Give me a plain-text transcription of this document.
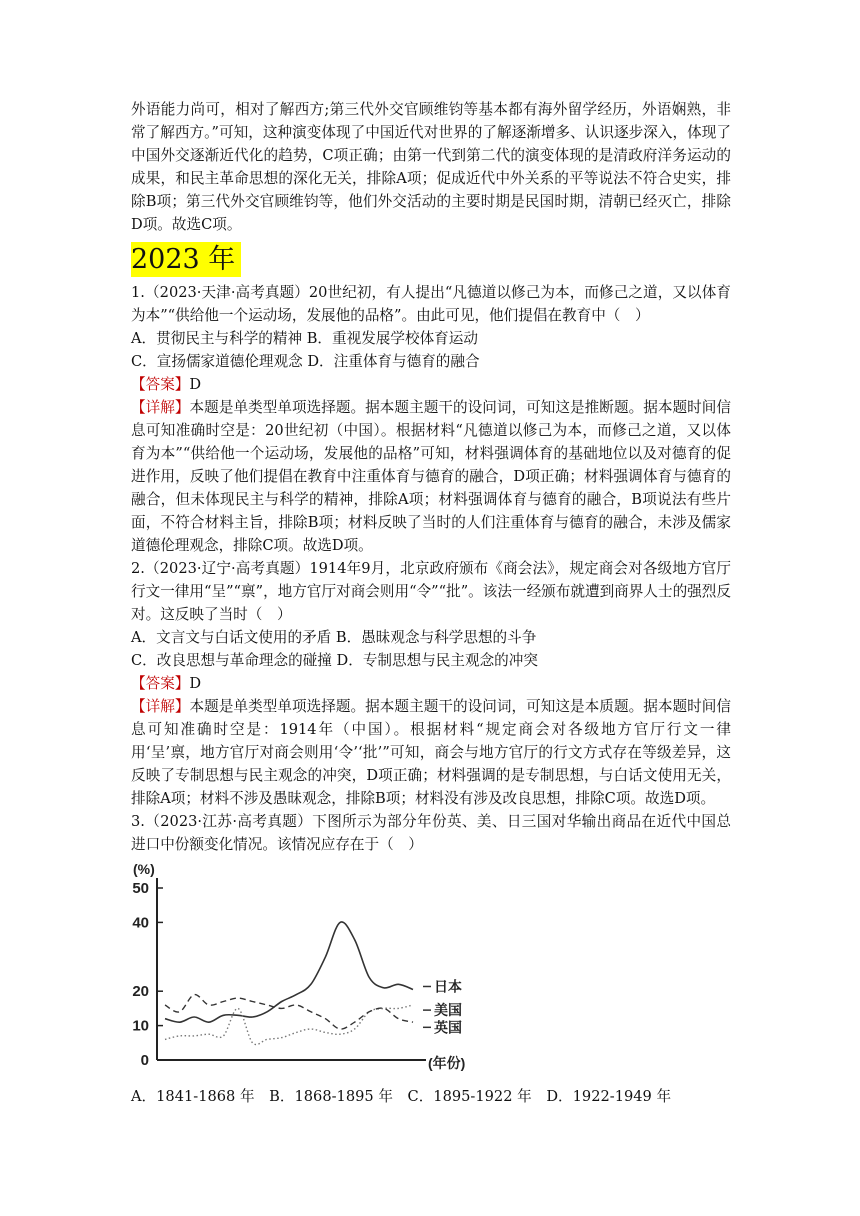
外语能力尚可，相对了解西方;第三代外交官顾维钧等基本都有海外留学经历，外语娴熟，非常了解西方。”可知，这种演变体现了中国近代对世界的了解逐渐增多、认识逐步深入，体现了中国外交逐渐近代化的趋势，C项正确；由第一代到第二代的演变体现的是清政府洋务运动的成果，和民主革命思想的深化无关，排除A项；促成近代中外关系的平等说法不符合史实，排除B项；第三代外交官顾维钧等，他们外交活动的主要时期是民国时期，清朝已经灭亡，排除D项。故选C项。

2023 年

1.（2023·天津·高考真题）20世纪初，有人提出“凡德道以修己为本，而修己之道，又以体育为本”“供给他一个运动场，发展他的品格”。由此可见，他们提倡在教育中（　）

A．贯彻民主与科学的精神 B．重视发展学校体育运动

C．宣扬儒家道德伦理观念 D．注重体育与德育的融合

【答案】D

【详解】本题是单类型单项选择题。据本题主题干的设问词，可知这是推断题。据本题时间信息可知准确时空是：20世纪初（中国）。根据材料“凡德道以修己为本，而修己之道，又以体育为本”“供给他一个运动场，发展他的品格”可知，材料强调体育的基础地位以及对德育的促进作用，反映了他们提倡在教育中注重体育与德育的融合，D项正确；材料强调体育与德育的融合，但未体现民主与科学的精神，排除A项；材料强调体育与德育的融合，B项说法有些片面，不符合材料主旨，排除B项；材料反映了当时的人们注重体育与德育的融合，未涉及儒家道德伦理观念，排除C项。故选D项。

2.（2023·辽宁·高考真题）1914年9月，北京政府颁布《商会法》，规定商会对各级地方官厅行文一律用“呈”“禀”，地方官厅对商会则用“令”“批”。该法一经颁布就遭到商界人士的强烈反对。这反映了当时（　）

A．文言文与白话文使用的矛盾 B．愚昧观念与科学思想的斗争

C．改良思想与革命理念的碰撞 D．专制思想与民主观念的冲突

【答案】D

【详解】本题是单类型单项选择题。据本题主题干的设问词，可知这是本质题。据本题时间信息可知准确时空是：1914年（中国）。根据材料“规定商会对各级地方官厅行文一律用‘呈’禀，地方官厅对商会则用‘令’‘批’”可知，商会与地方官厅的行文方式存在等级差异，这反映了专制思想与民主观念的冲突，D项正确；材料强调的是专制思想，与白话文使用无关，排除A项；材料不涉及愚昧观念，排除B项；材料没有涉及改良思想，排除C项。故选D项。

3.（2023·江苏·高考真题）下图所示为部分年份英、美、日三国对华输出商品在近代中国总进口中份额变化情况。该情况应存在于（　）

(%)
0
10
20
40
50
(年份)
日本
美国
英国

A．1841-1868 年　B．1868-1895 年　C．1895-1922 年　D．1922-1949 年
